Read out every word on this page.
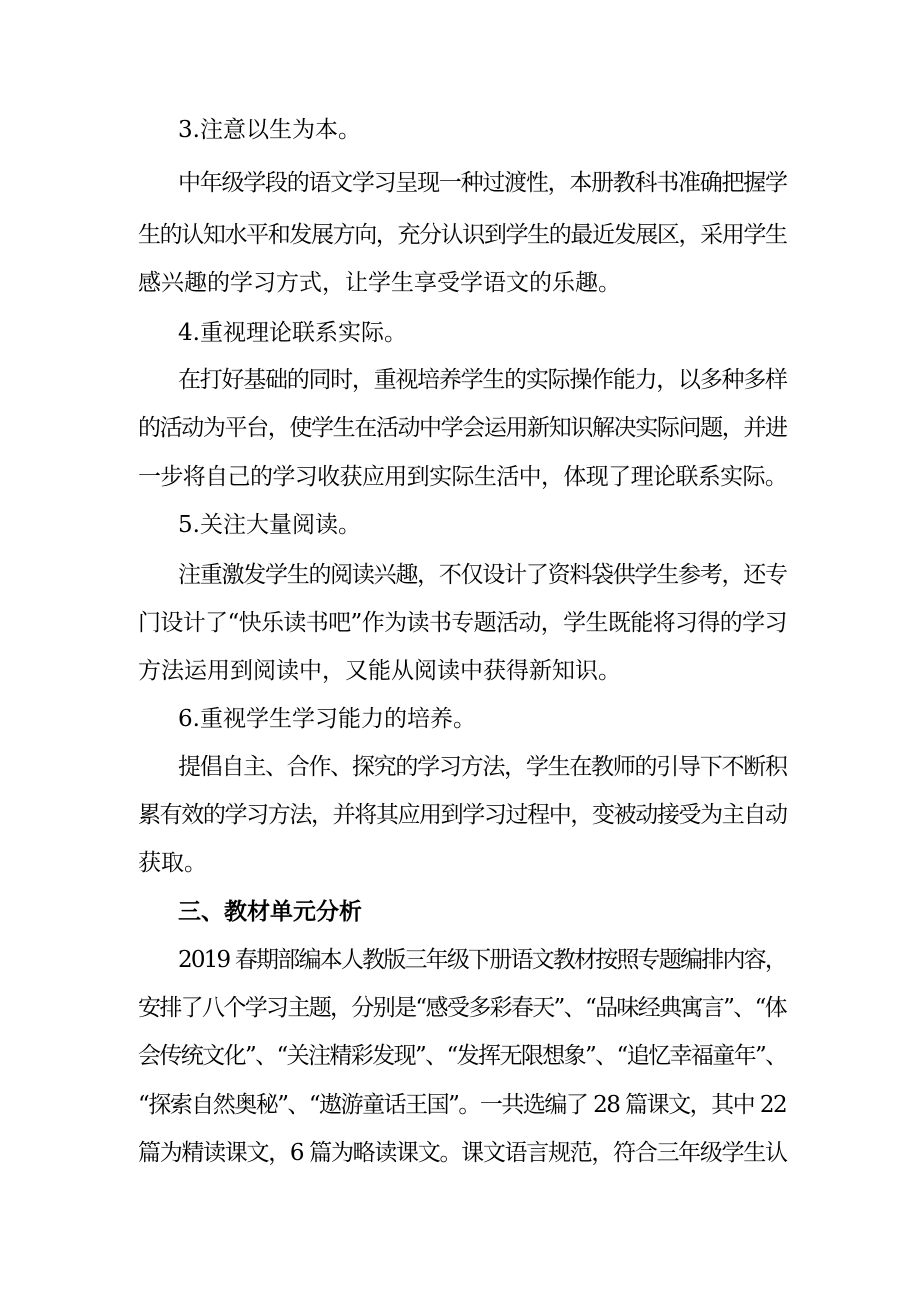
3.注意以生为本。
中年级学段的语文学习呈现一种过渡性，本册教科书准确把握学
生的认知水平和发展方向，充分认识到学生的最近发展区，采用学生
感兴趣的学习方式，让学生享受学语文的乐趣。
4.重视理论联系实际。
在打好基础的同时，重视培养学生的实际操作能力，以多种多样
的活动为平台，使学生在活动中学会运用新知识解决实际问题，并进
一步将自己的学习收获应用到实际生活中，体现了理论联系实际。
5.关注大量阅读。
注重激发学生的阅读兴趣，不仅设计了资料袋供学生参考，还专
门设计了“快乐读书吧”作为读书专题活动，学生既能将习得的学习
方法运用到阅读中，又能从阅读中获得新知识。
6.重视学生学习能力的培养。
提倡自主、合作、探究的学习方法，学生在教师的引导下不断积
累有效的学习方法，并将其应用到学习过程中，变被动接受为主自动
获取。
三、教材单元分析
2019 春期部编本人教版三年级下册语文教材按照专题编排内容，
安排了八个学习主题，分别是“感受多彩春天”、“品味经典寓言”、“体
会传统文化”、“关注精彩发现”、“发挥无限想象”、“追忆幸福童年”、
“探索自然奥秘”、“遨游童话王国”。一共选编了 28 篇课文，其中 22
篇为精读课文，6 篇为略读课文。课文语言规范，符合三年级学生认
